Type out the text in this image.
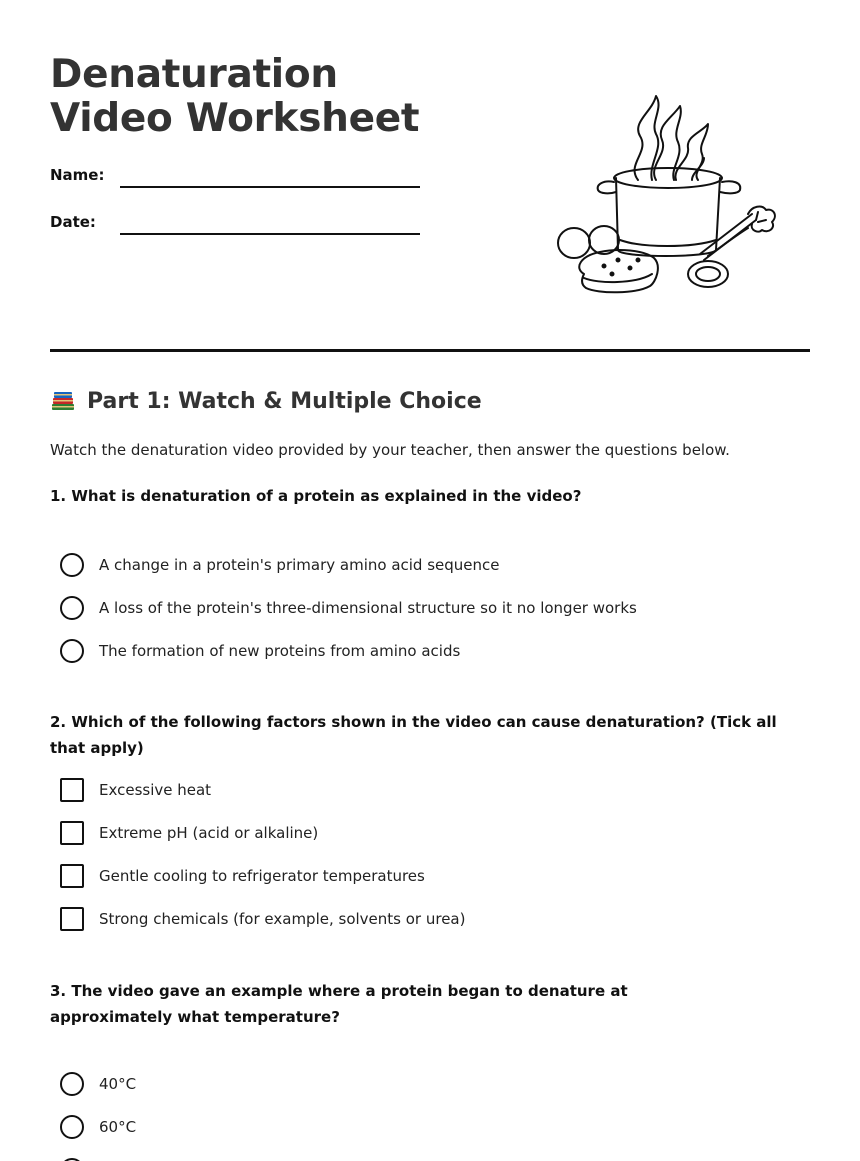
Denaturation Video Worksheet
Name:
Date:
Part 1: Watch & Multiple Choice

Watch the denaturation video provided by your teacher, then answer the questions below.

1. What is denaturation of a protein as explained in the video?

A change in a protein's primary amino acid sequence
A loss of the protein's three-dimensional structure so it no longer works
The formation of new proteins from amino acids

2. Which of the following factors shown in the video can cause denaturation? (Tick all that apply)

Excessive heat
Extreme pH (acid or alkaline)
Gentle cooling to refrigerator temperatures
Strong chemicals (for example, solvents or urea)

3. The video gave an example where a protein began to denature at approximately what temperature?

40°C
60°C
